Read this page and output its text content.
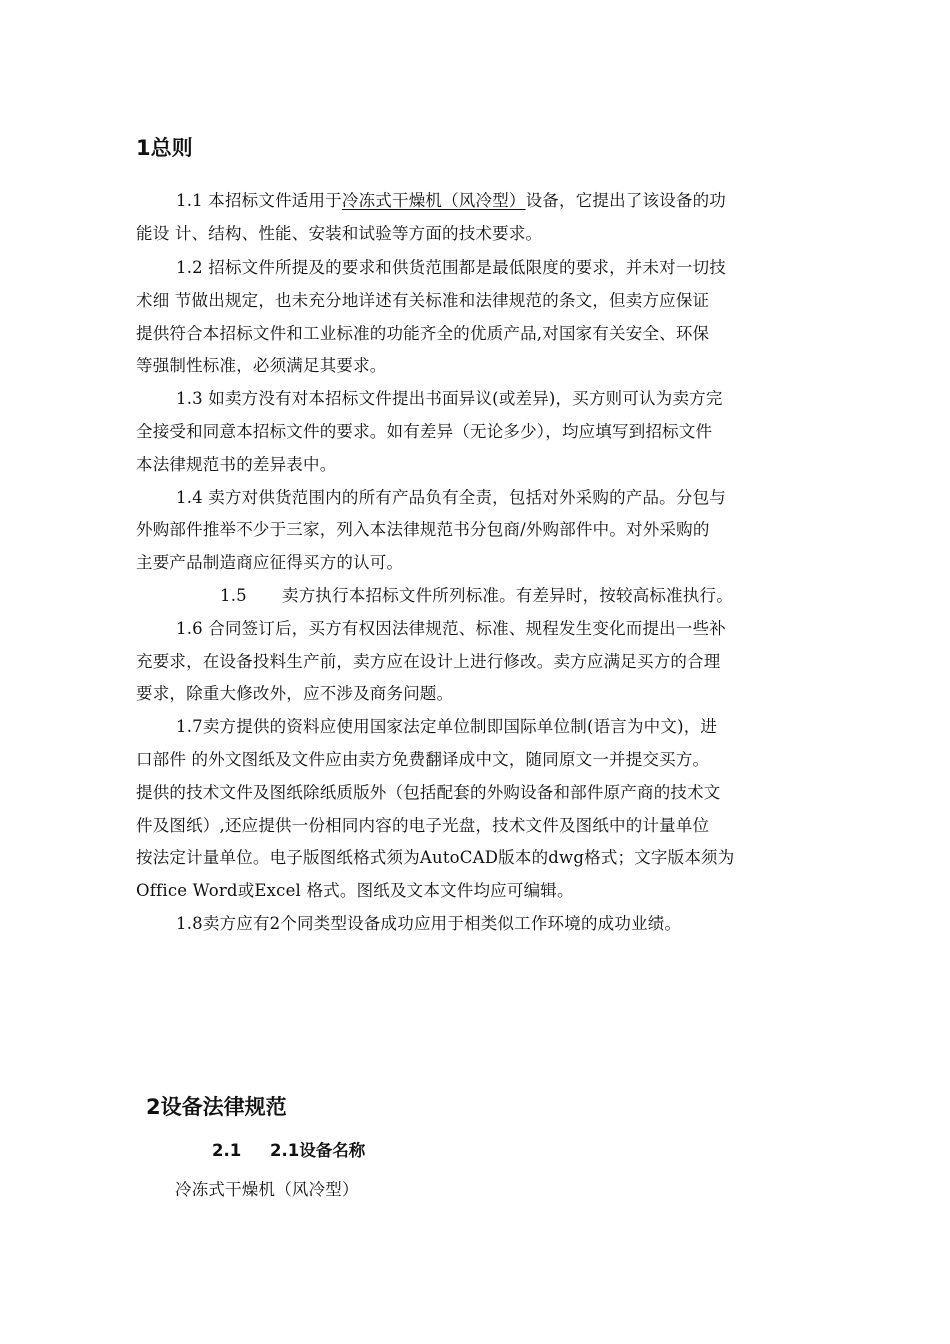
1总则
1.1 本招标文件适用于冷冻式干燥机（风冷型）设备，它提出了该设备的功
能设 计、结构、性能、安装和试验等方面的技术要求。
1.2 招标文件所提及的要求和供货范围都是最低限度的要求，并未对一切技
术细 节做出规定，也未充分地详述有关标准和法律规范的条文，但卖方应保证
提供符合本招标文件和工业标准的功能齐全的优质产品,对国家有关安全、环保
等强制性标准，必须满足其要求。
1.3 如卖方没有对本招标文件提出书面异议(或差异)，买方则可认为卖方完
全接受和同意本招标文件的要求。如有差异（无论多少），均应填写到招标文件
本法律规范书的差异表中。
1.4 卖方对供货范围内的所有产品负有全责，包括对外采购的产品。分包与
外购部件推举不少于三家，列入本法律规范书分包商/外购部件中。对外采购的
主要产品制造商应征得买方的认可。
1.5 卖方执行本招标文件所列标准。有差异时，按较高标准执行。
1.6 合同签订后，买方有权因法律规范、标准、规程发生变化而提出一些补
充要求，在设备投料生产前，卖方应在设计上进行修改。卖方应满足买方的合理
要求，除重大修改外，应不涉及商务问题。
1.7卖方提供的资料应使用国家法定单位制即国际单位制(语言为中文)，进
口部件 的外文图纸及文件应由卖方免费翻译成中文，随同原文一并提交买方。
提供的技术文件及图纸除纸质版外（包括配套的外购设备和部件原产商的技术文
件及图纸）,还应提供一份相同内容的电子光盘，技术文件及图纸中的计量单位
按法定计量单位。电子版图纸格式须为AutoCAD版本的dwg格式；文字版本须为
Office Word或Excel 格式。图纸及文本文件均应可编辑。
1.8卖方应有2个同类型设备成功应用于相类似工作环境的成功业绩。
2设备法律规范
2.1 2.1设备名称
冷冻式干燥机（风冷型）
